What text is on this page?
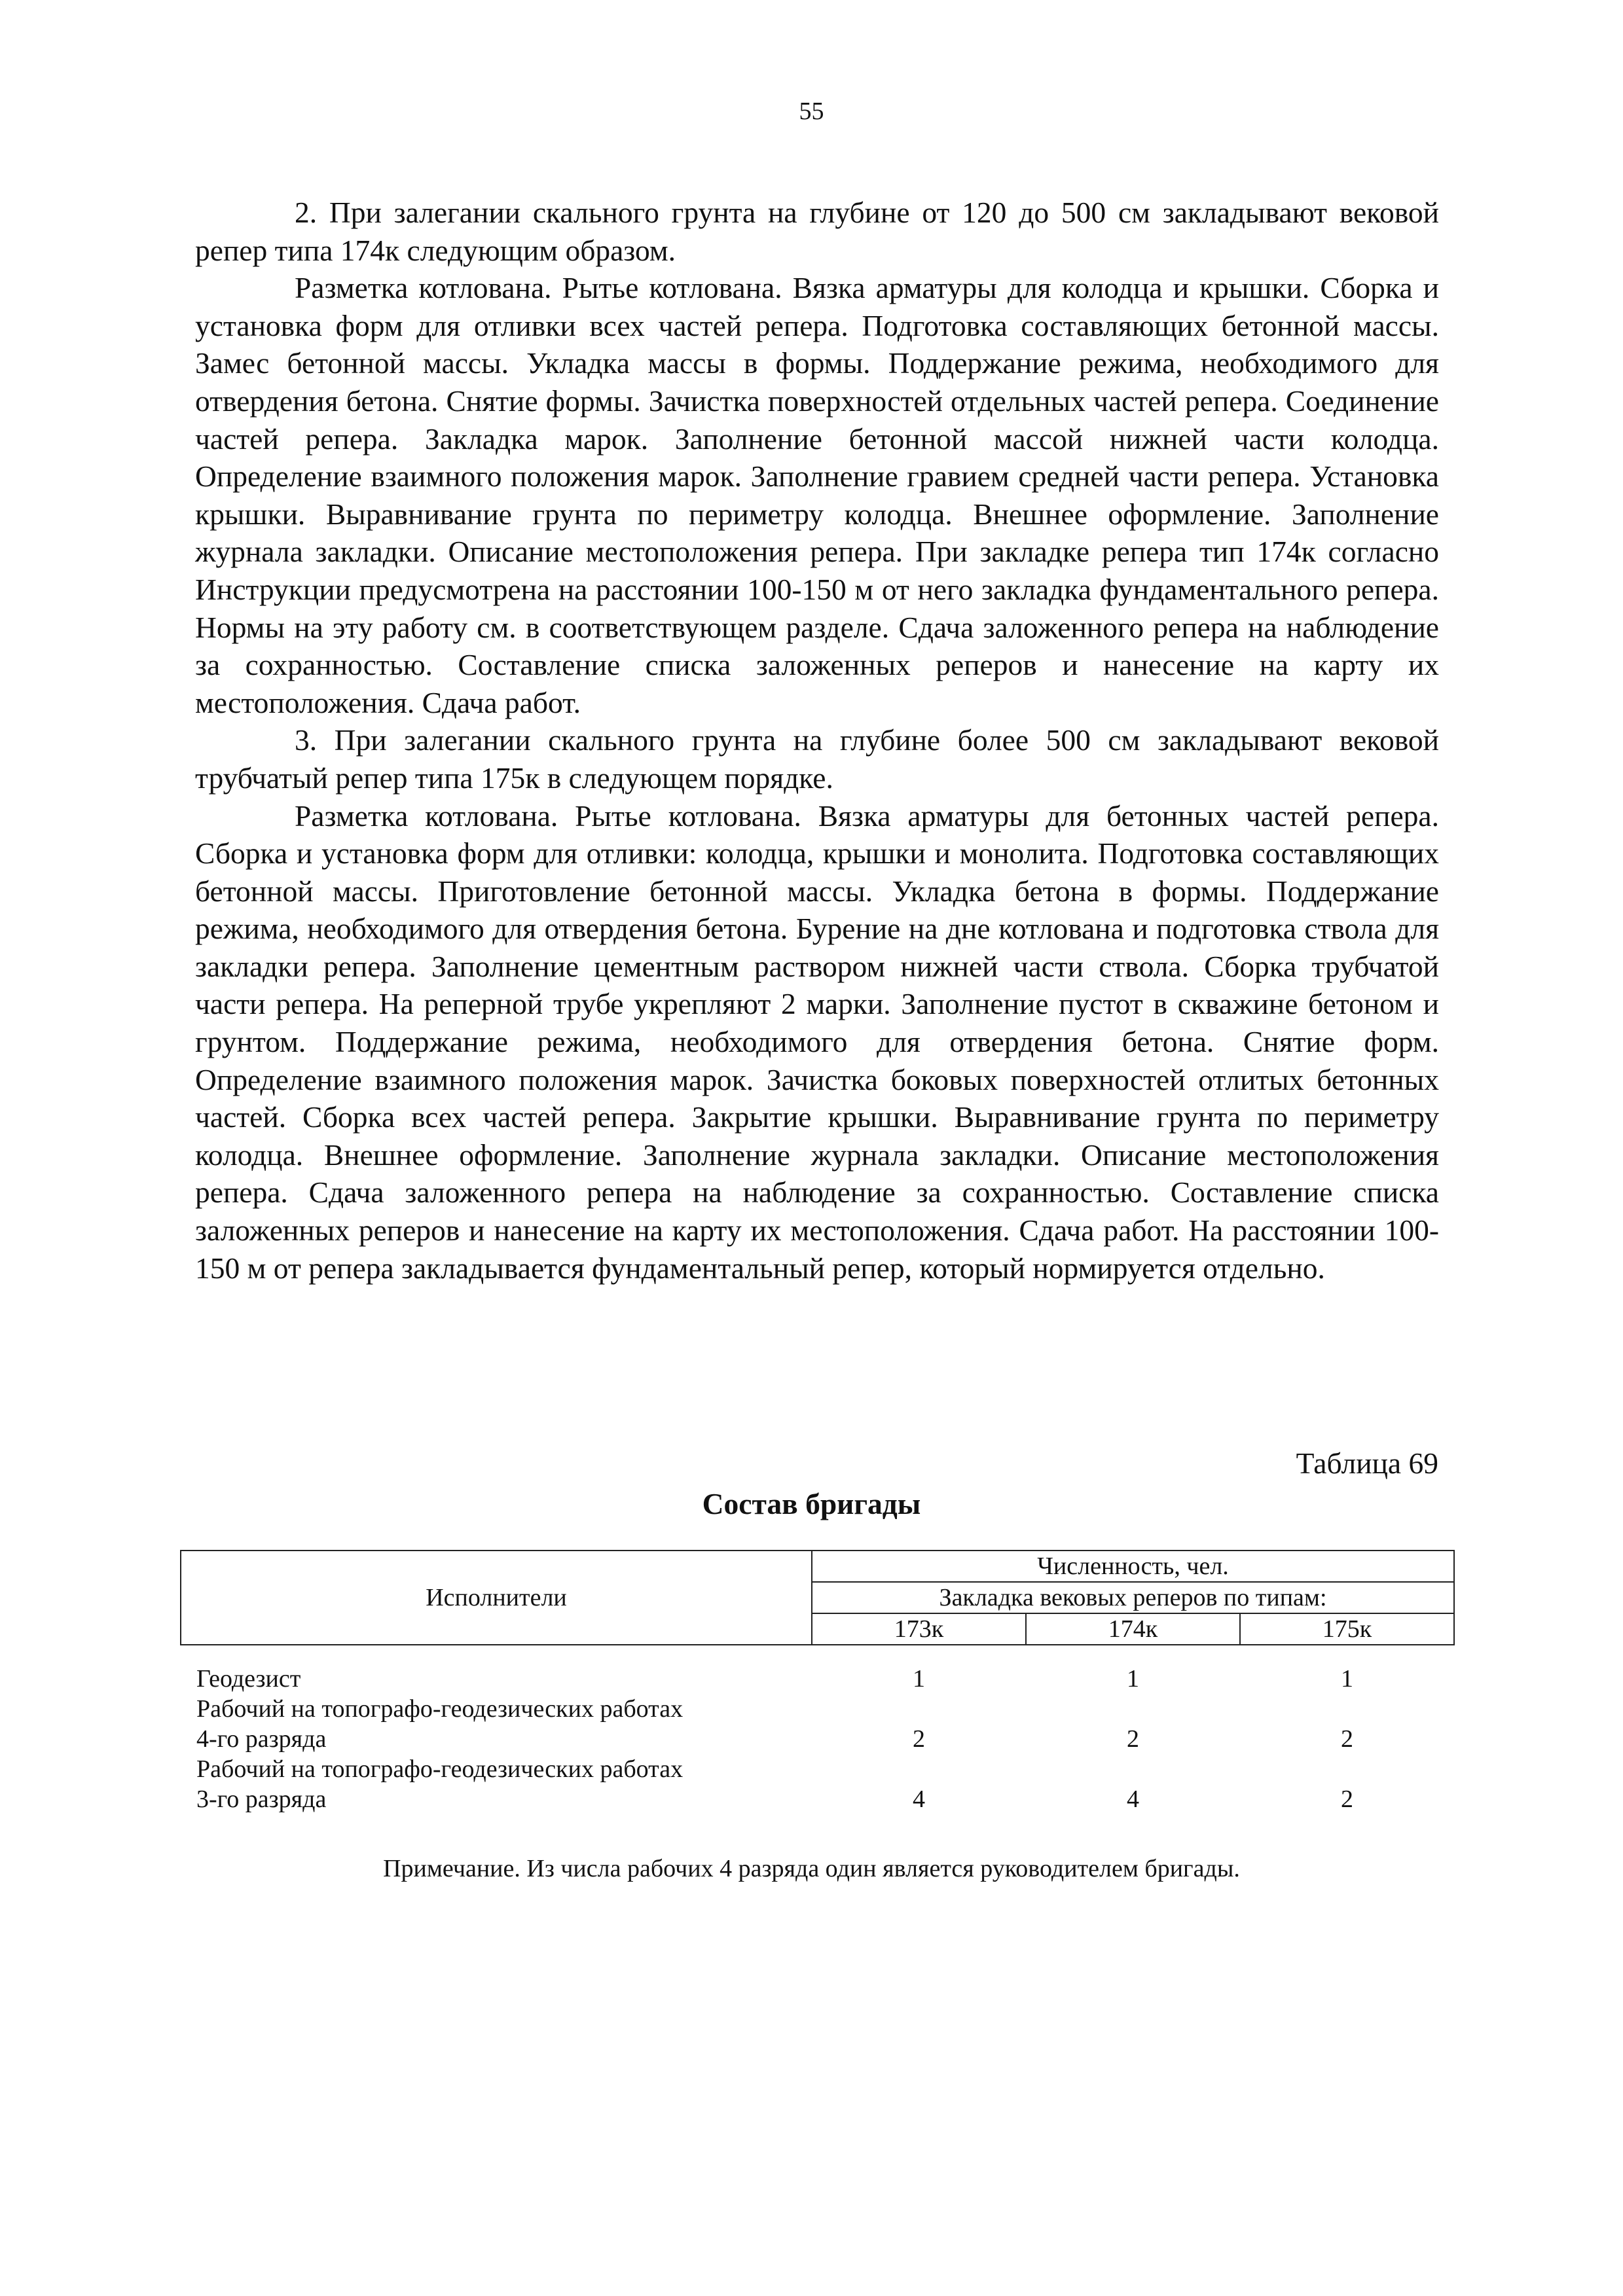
55

2. При залегании скального грунта на глубине от 120 до 500 см закладывают вековой репер типа 174к следующим образом.

Разметка котлована. Рытье котлована. Вязка арматуры для колодца и крышки. Сборка и установка форм для отливки всех частей репера. Подготовка составляющих бетонной массы. Замес бетонной массы. Укладка массы в формы. Поддержание режима, необходимого для отвердения бетона. Снятие формы. Зачистка поверхностей отдельных частей репера. Соединение частей репера. Закладка марок. Заполнение бетонной массой нижней части колодца. Определение взаимного положения марок. Заполнение гравием средней части репера. Установка крышки. Выравнивание грунта по периметру колодца. Внешнее оформление. Заполнение журнала закладки. Описание местоположения репера. При закладке репера тип 174к согласно Инструкции предусмотрена на расстоянии 100-150 м от него закладка фундаментального репера. Нормы на эту работу см. в соответствующем разделе. Сдача заложенного репера на наблюдение за сохранностью. Составление списка заложенных реперов и нанесение на карту их местоположения. Сдача работ.

3. При залегании скального грунта на глубине более 500 см закладывают вековой трубчатый репер типа 175к в следующем порядке.

Разметка котлована. Рытье котлована. Вязка арматуры для бетонных частей репера. Сборка и установка форм для отливки: колодца, крышки и монолита. Подготовка составляющих бетонной массы. Приготовление бетонной массы. Укладка бетона в формы. Поддержание режима, необходимого для отвердения бетона. Бурение на дне котлована и подготовка ствола для закладки репера. Заполнение цементным раствором нижней части ствола. Сборка трубчатой части репера. На реперной трубе укрепляют 2 марки. Заполнение пустот в скважине бетоном и грунтом. Поддержание режима, необходимого для отвердения бетона. Снятие форм. Определение взаимного положения марок. Зачистка боковых поверхностей отлитых бетонных частей. Сборка всех частей репера. Закрытие крышки. Выравнивание грунта по периметру колодца. Внешнее оформление. Заполнение журнала закладки. Описание местоположения репера. Сдача заложенного репера на наблюдение за сохранностью. Составление списка заложенных реперов и нанесение на карту их местоположения. Сдача работ. На расстоянии 100-150 м от репера закладывается фундаментальный репер, который нормируется отдельно.

Таблица 69
Состав бригады
Исполнители	Численность, чел.		
	Закладка вековых реперов по типам:		
	173к	174к	175к
Геодезист	1	1	1
Рабочий на топографо-геодезических работах
4-го разряда	2	2	2
Рабочий на топографо-геодезических работах
3-го разряда	4	4	2
Примечание. Из числа рабочих 4 разряда один является руководителем бригады.
